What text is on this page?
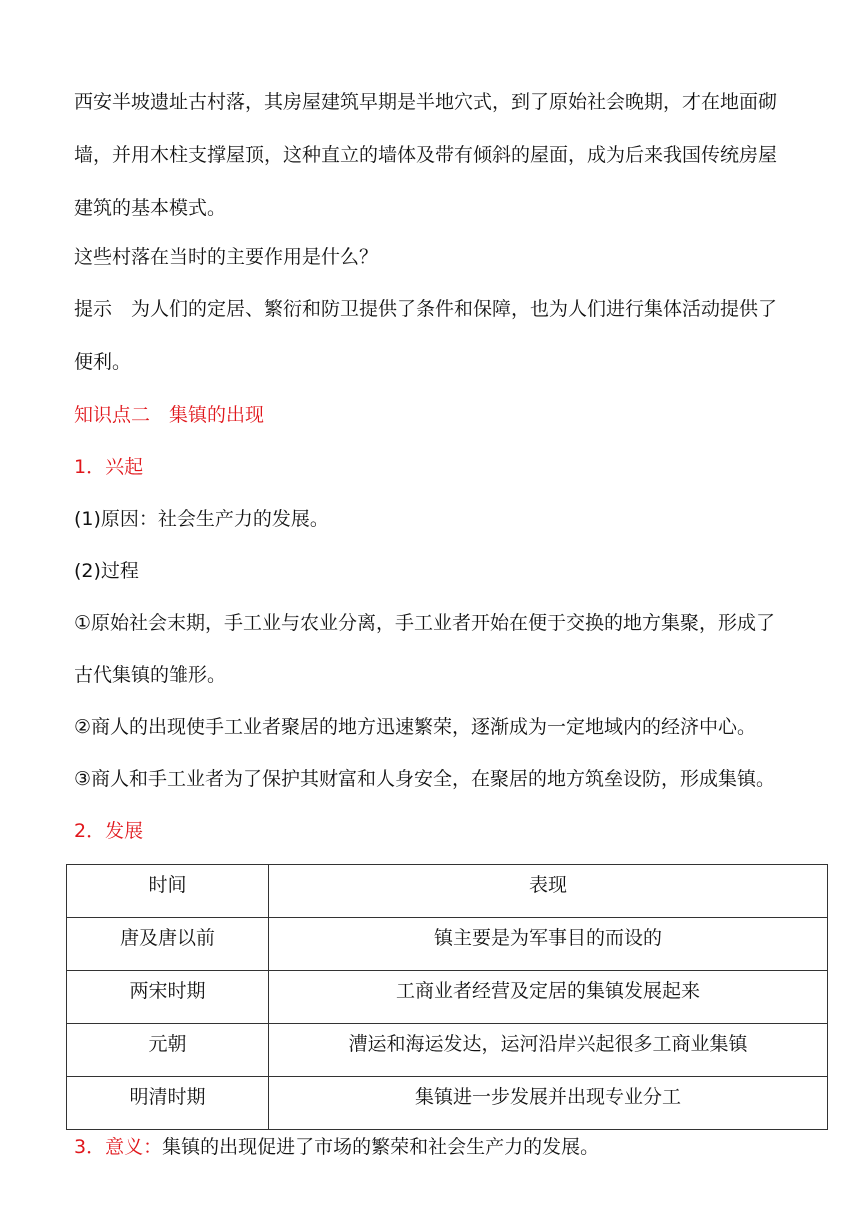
西安半坡遗址古村落，其房屋建筑早期是半地穴式，到了原始社会晚期，才在地面砌
墙，并用木柱支撑屋顶，这种直立的墙体及带有倾斜的屋面，成为后来我国传统房屋
建筑的基本模式。
这些村落在当时的主要作用是什么？
提示　为人们的定居、繁衍和防卫提供了条件和保障，也为人们进行集体活动提供了
便利。
知识点二　集镇的出现
1．兴起
(1)原因：社会生产力的发展。
(2)过程
①原始社会末期，手工业与农业分离，手工业者开始在便于交换的地方集聚，形成了
古代集镇的雏形。
②商人的出现使手工业者聚居的地方迅速繁荣，逐渐成为一定地域内的经济中心。
③商人和手工业者为了保护其财富和人身安全，在聚居的地方筑垒设防，形成集镇。
2．发展
时间	表现

唐及唐以前	镇主要是为军事目的而设的

两宋时期	工商业者经营及定居的集镇发展起来

元朝	漕运和海运发达，运河沿岸兴起很多工商业集镇

明清时期	集镇进一步发展并出现专业分工
3．意义：集镇的出现促进了市场的繁荣和社会生产力的发展。
